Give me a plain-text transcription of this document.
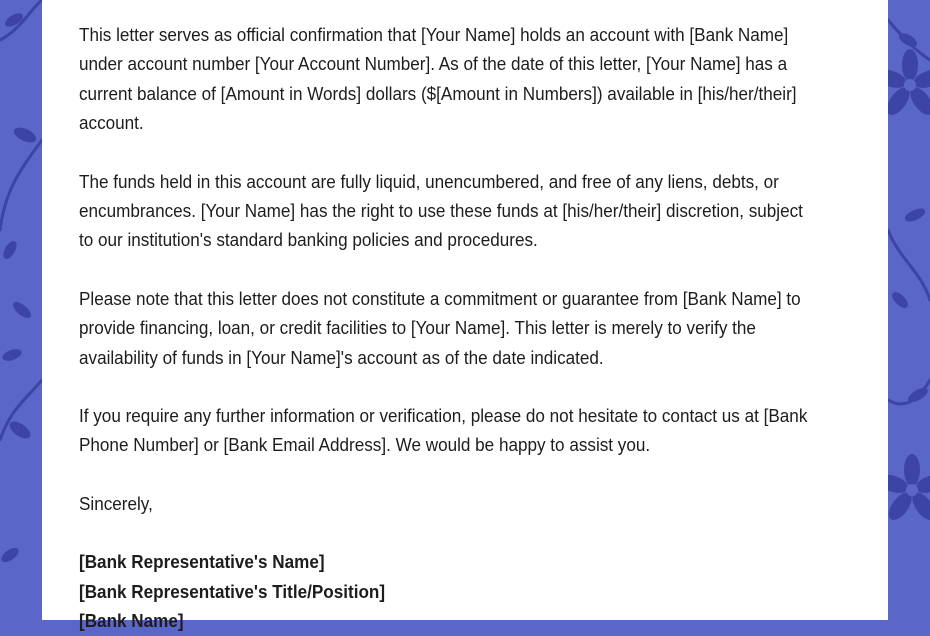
This letter serves as official confirmation that [Your Name] holds an account with [Bank Name] under account number [Your Account Number]. As of the date of this letter, [Your Name] has a current balance of [Amount in Words] dollars ($[Amount in Numbers]) available in [his/her/their] account.

The funds held in this account are fully liquid, unencumbered, and free of any liens, debts, or encumbrances. [Your Name] has the right to use these funds at [his/her/their] discretion, subject to our institution's standard banking policies and procedures.

Please note that this letter does not constitute a commitment or guarantee from [Bank Name] to provide financing, loan, or credit facilities to [Your Name]. This letter is merely to verify the availability of funds in [Your Name]'s account as of the date indicated.

If you require any further information or verification, please do not hesitate to contact us at [Bank Phone Number] or [Bank Email Address]. We would be happy to assist you.

Sincerely,

[Bank Representative's Name]
[Bank Representative's Title/Position]
[Bank Name]
